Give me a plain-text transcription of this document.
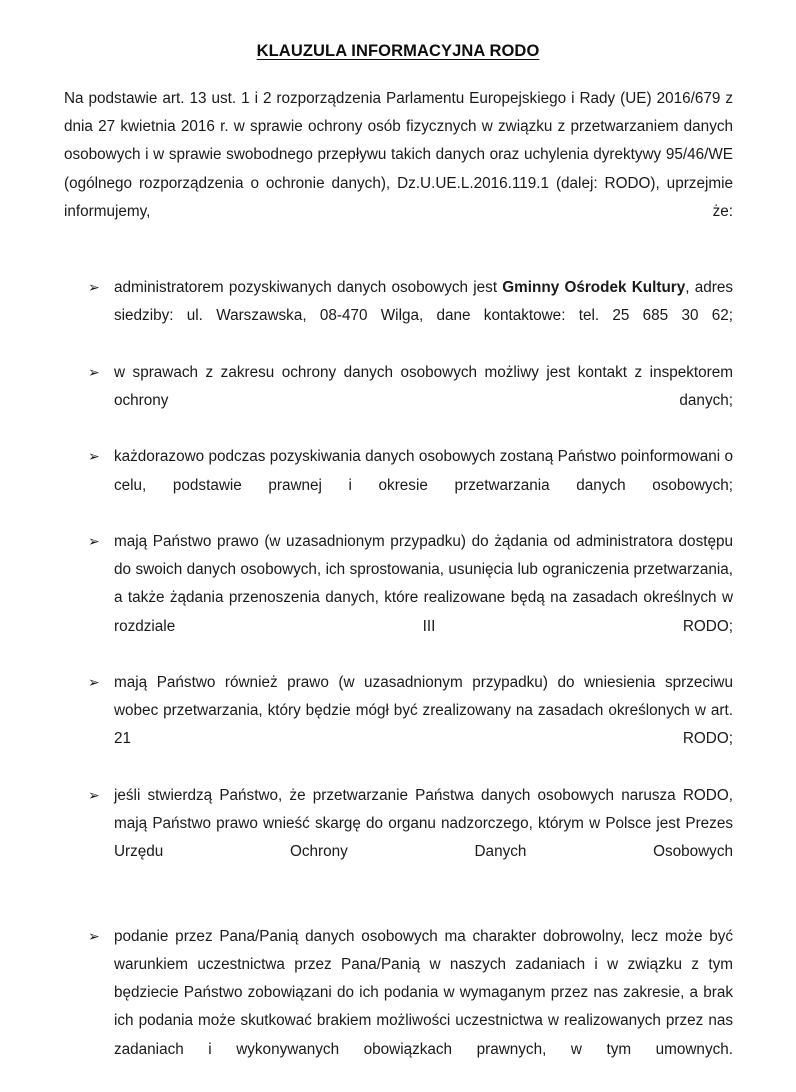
KLAUZULA INFORMACYJNA RODO

Na podstawie art. 13 ust. 1 i 2 rozporządzenia Parlamentu Europejskiego i Rady (UE) 2016/679 z dnia 27 kwietnia 2016 r. w sprawie ochrony osób fizycznych w związku z przetwarzaniem danych osobowych i w sprawie swobodnego przepływu takich danych oraz uchylenia dyrektywy 95/46/WE (ogólnego rozporządzenia o ochronie danych), Dz.U.UE.L.2016.119.1 (dalej: RODO), uprzejmie informujemy, że:

➢ administratorem pozyskiwanych danych osobowych jest Gminny Ośrodek Kultury, adres siedziby: ul. Warszawska, 08-470 Wilga, dane kontaktowe: tel. 25 685 30 62;
➢ w sprawach z zakresu ochrony danych osobowych możliwy jest kontakt z inspektorem ochrony danych;
➢ każdorazowo podczas pozyskiwania danych osobowych zostaną Państwo poinformowani o celu, podstawie prawnej i okresie przetwarzania danych osobowych;
➢ mają Państwo prawo (w uzasadnionym przypadku) do żądania od administratora dostępu do swoich danych osobowych, ich sprostowania, usunięcia lub ograniczenia przetwarzania, a także żądania przenoszenia danych, które realizowane będą na zasadach określnych w rozdziale III RODO;
➢ mają Państwo również prawo (w uzasadnionym przypadku) do wniesienia sprzeciwu wobec przetwarzania, który będzie mógł być zrealizowany na zasadach określonych w art. 21 RODO;
➢ jeśli stwierdzą Państwo, że przetwarzanie Państwa danych osobowych narusza RODO, mają Państwo prawo wnieść skargę do organu nadzorczego, którym w Polsce jest Prezes Urzędu Ochrony Danych Osobowych
➢ podanie przez Pana/Panią danych osobowych ma charakter dobrowolny, lecz może być warunkiem uczestnictwa przez Pana/Panią w naszych zadaniach i w związku z tym będziecie Państwo zobowiązani do ich podania w wymaganym przez nas zakresie, a brak ich podania może skutkować brakiem możliwości uczestnictwa w realizowanych przez nas zadaniach i wykonywanych obowiązkach prawnych, w tym umownych.
